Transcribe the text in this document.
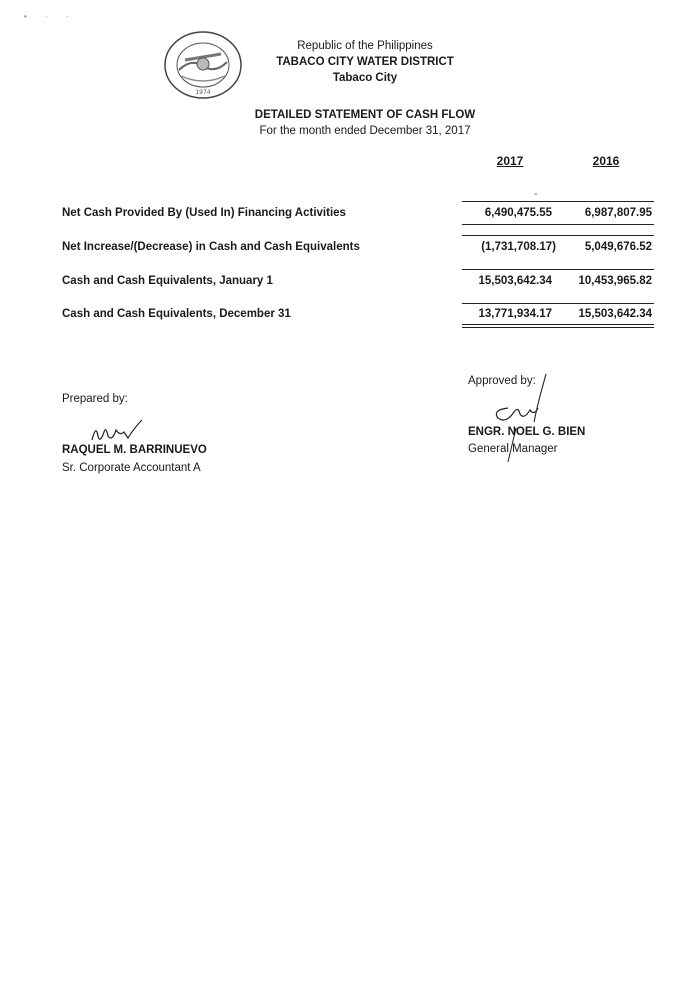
• · ·
1974
Republic of the Philippines
TABACO CITY WATER DISTRICT
Tabaco City
DETAILED STATEMENT OF CASH FLOW
For the month ended December 31, 2017
2017	2016
-
Net Cash Provided By (Used In) Financing Activities	6,490,475.55	6,987,807.95
Net Increase/(Decrease) in Cash and Cash Equivalents	(1,731,708.17)	5,049,676.52
Cash and Cash Equivalents, January 1	15,503,642.34	10,453,965.82
Cash and Cash Equivalents, December 31	13,771,934.17	15,503,642.34
Prepared by:
RAQUEL M. BARRINUEVO
Sr. Corporate Accountant A
Approved by:
ENGR. NOEL G. BIEN
General Manager
